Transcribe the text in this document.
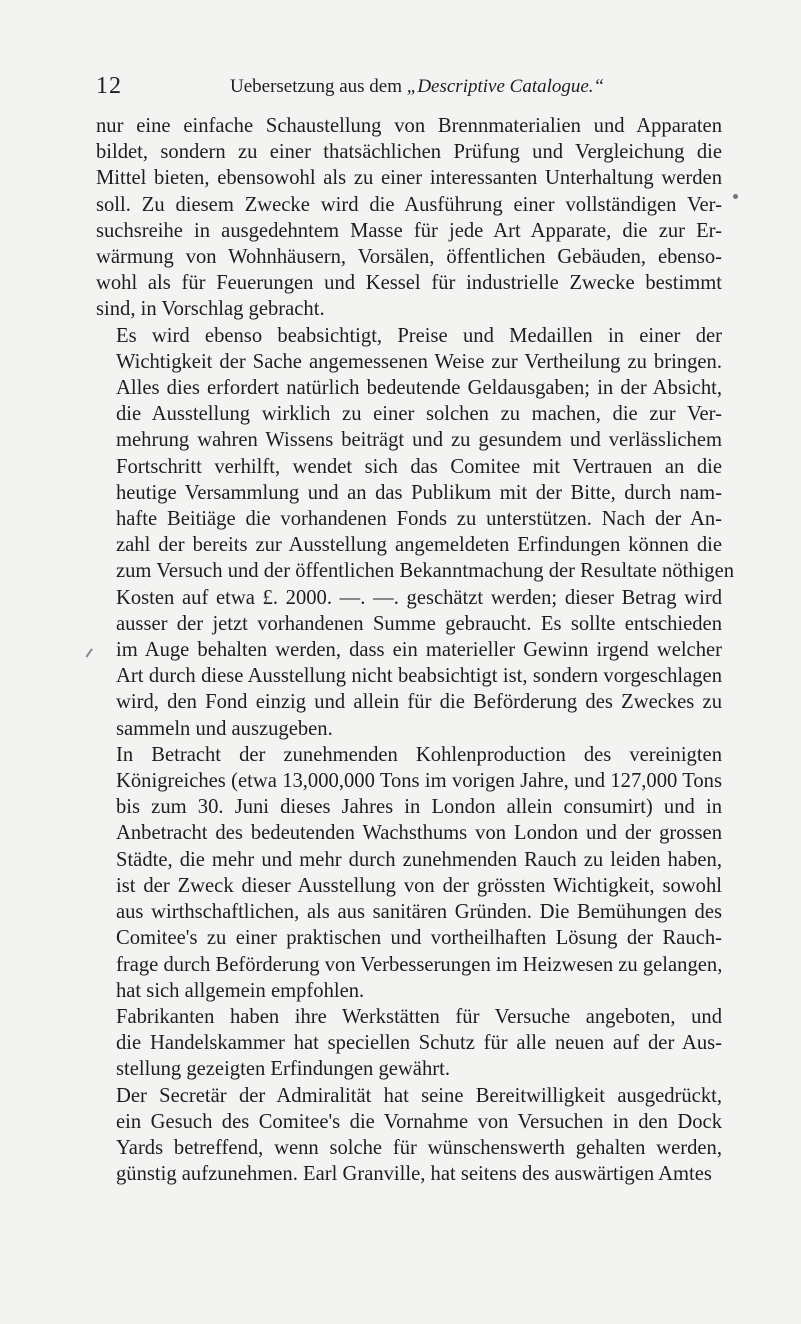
12	Uebersetzung aus dem „Descriptive Catalogue.“

nur eine einfache Schaustellung von Brennmaterialien und Apparaten
bildet, sondern zu einer thatsächlichen Prüfung und Vergleichung die
Mittel bieten, ebensowohl als zu einer interessanten Unterhaltung werden
soll. Zu diesem Zwecke wird die Ausführung einer vollständigen Ver-
suchsreihe in ausgedehntem Masse für jede Art Apparate, die zur Er-
wärmung von Wohnhäusern, Vorsälen, öffentlichen Gebäuden, ebenso-
wohl als für Feuerungen und Kessel für industrielle Zwecke bestimmt
sind, in Vorschlag gebracht.

Es wird ebenso beabsichtigt, Preise und Medaillen in einer der
Wichtigkeit der Sache angemessenen Weise zur Vertheilung zu bringen.
Alles dies erfordert natürlich bedeutende Geldausgaben; in der Absicht,
die Ausstellung wirklich zu einer solchen zu machen, die zur Ver-
mehrung wahren Wissens beiträgt und zu gesundem und verlässlichem
Fortschritt verhilft, wendet sich das Comitee mit Vertrauen an die
heutige Versammlung und an das Publikum mit der Bitte, durch nam-
hafte Beitiäge die vorhandenen Fonds zu unterstützen. Nach der An-
zahl der bereits zur Ausstellung angemeldeten Erfindungen können die
zum Versuch und der öffentlichen Bekanntmachung der Resultate nöthigen
Kosten auf etwa £. 2000. —. —. geschätzt werden; dieser Betrag wird
ausser der jetzt vorhandenen Summe gebraucht. Es sollte entschieden
im Auge behalten werden, dass ein materieller Gewinn irgend welcher
Art durch diese Ausstellung nicht beabsichtigt ist, sondern vorgeschlagen
wird, den Fond einzig und allein für die Beförderung des Zweckes zu
sammeln und auszugeben.

In Betracht der zunehmenden Kohlenproduction des vereinigten
Königreiches (etwa 13,000,000 Tons im vorigen Jahre, und 127,000 Tons
bis zum 30. Juni dieses Jahres in London allein consumirt) und in
Anbetracht des bedeutenden Wachsthums von London und der grossen
Städte, die mehr und mehr durch zunehmenden Rauch zu leiden haben,
ist der Zweck dieser Ausstellung von der grössten Wichtigkeit, sowohl
aus wirthschaftlichen, als aus sanitären Gründen. Die Bemühungen des
Comitee's zu einer praktischen und vortheilhaften Lösung der Rauch-
frage durch Beförderung von Verbesserungen im Heizwesen zu gelangen,
hat sich allgemein empfohlen.

Fabrikanten haben ihre Werkstätten für Versuche angeboten, und
die Handelskammer hat speciellen Schutz für alle neuen auf der Aus-
stellung gezeigten Erfindungen gewährt.

Der Secretär der Admiralität hat seine Bereitwilligkeit ausgedrückt,
ein Gesuch des Comitee's die Vornahme von Versuchen in den Dock
Yards betreffend, wenn solche für wünschenswerth gehalten werden,
günstig aufzunehmen. Earl Granville, hat seitens des auswärtigen Amtes
